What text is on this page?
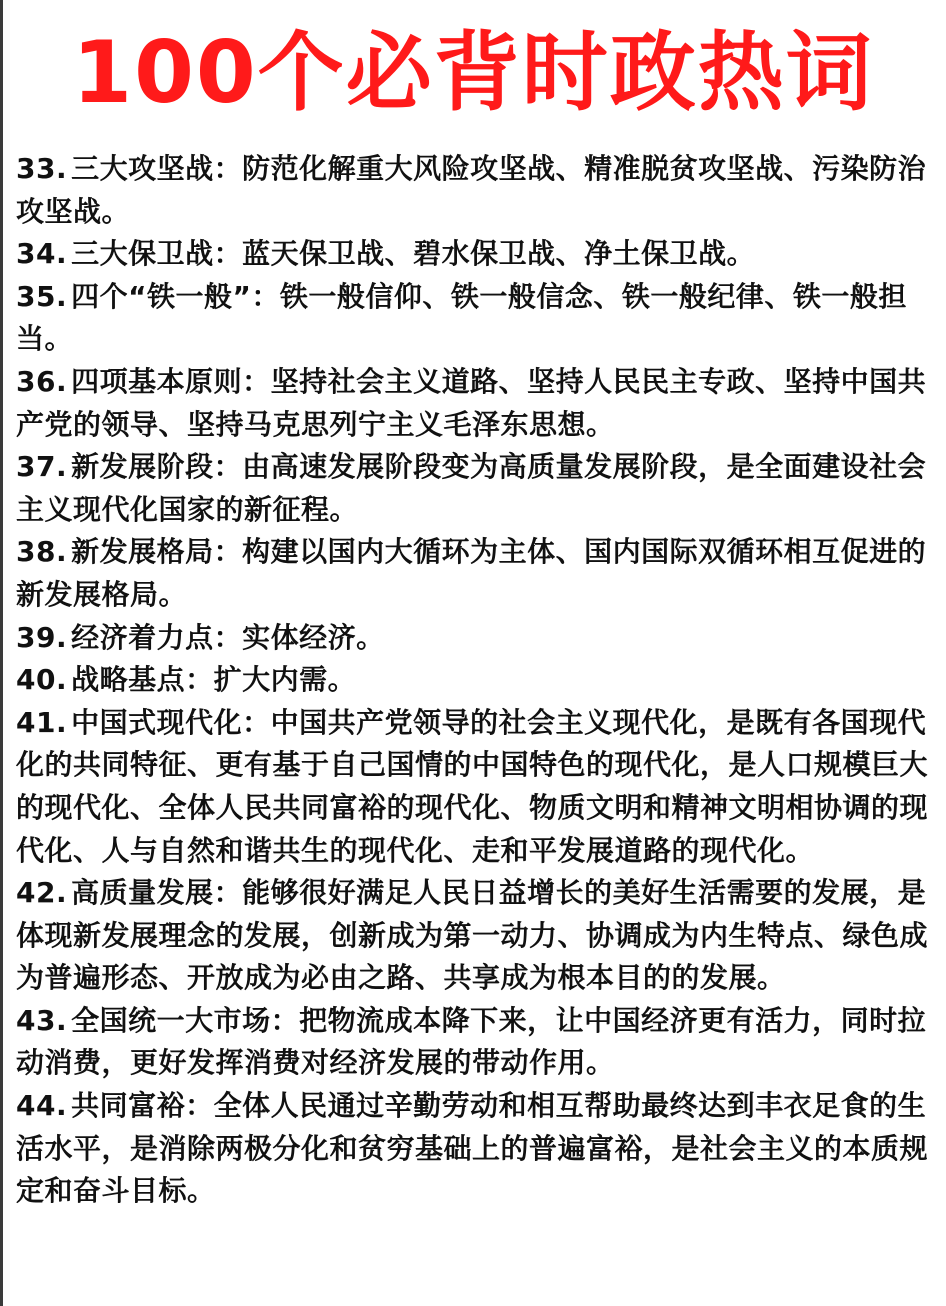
100个必背时政热词

33. 三大攻坚战：防范化解重大风险攻坚战、精准脱贫攻坚战、污染防治攻坚战。

34. 三大保卫战：蓝天保卫战、碧水保卫战、净土保卫战。

35. 四个“铁一般”：铁一般信仰、铁一般信念、铁一般纪律、铁一般担当。

36. 四项基本原则：坚持社会主义道路、坚持人民民主专政、坚持中国共产党的领导、坚持马克思列宁主义毛泽东思想。

37. 新发展阶段：由高速发展阶段变为高质量发展阶段，是全面建设社会主义现代化国家的新征程。

38. 新发展格局：构建以国内大循环为主体、国内国际双循环相互促进的新发展格局。

39. 经济着力点：实体经济。

40. 战略基点：扩大内需。

41. 中国式现代化：中国共产党领导的社会主义现代化，是既有各国现代化的共同特征、更有基于自己国情的中国特色的现代化，是人口规模巨大的现代化、全体人民共同富裕的现代化、物质文明和精神文明相协调的现代化、人与自然和谐共生的现代化、走和平发展道路的现代化。

42. 高质量发展：能够很好满足人民日益增长的美好生活需要的发展，是体现新发展理念的发展，创新成为第一动力、协调成为内生特点、绿色成为普遍形态、开放成为必由之路、共享成为根本目的的发展。

43. 全国统一大市场：把物流成本降下来，让中国经济更有活力，同时拉动消费，更好发挥消费对经济发展的带动作用。

44. 共同富裕：全体人民通过辛勤劳动和相互帮助最终达到丰衣足食的生活水平，是消除两极分化和贫穷基础上的普遍富裕，是社会主义的本质规定和奋斗目标。
